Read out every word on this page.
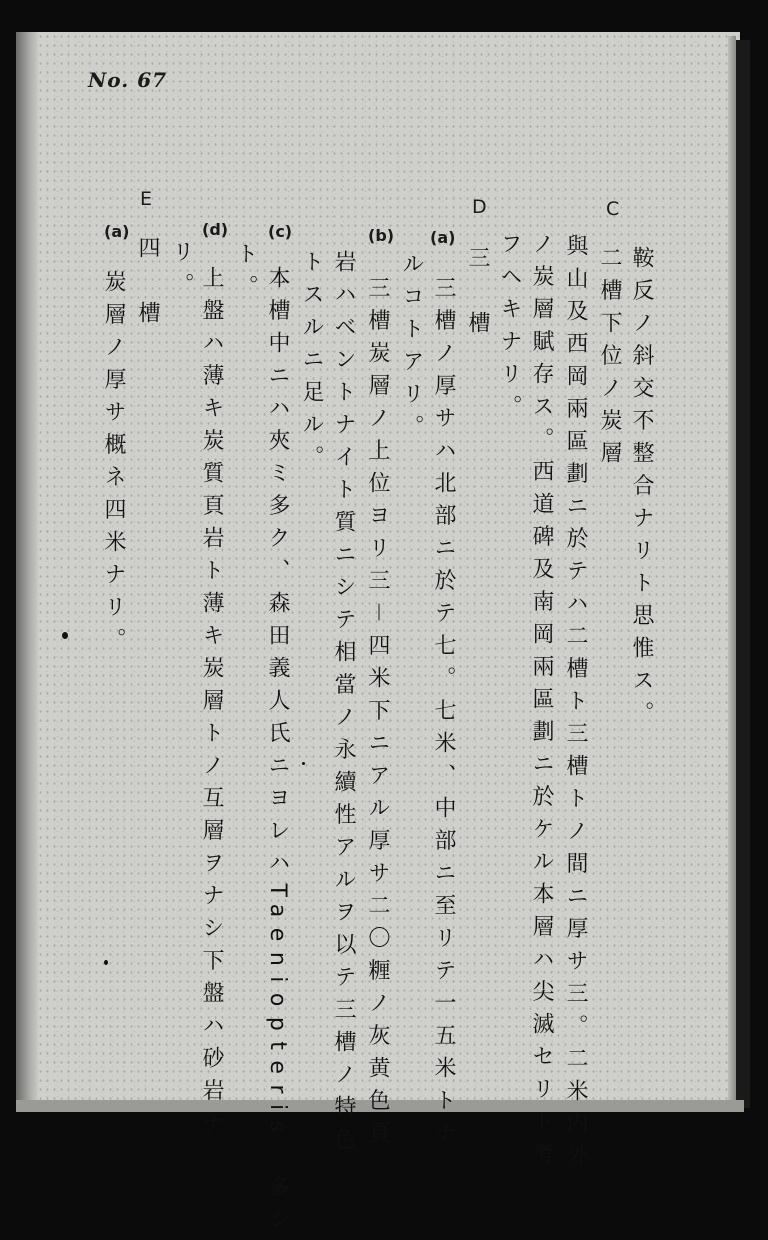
No. 67
C
D
E
(a)
(b)
(c)
(d)
(a)
鞍反ノ斜交不整合ナリト思惟ス。
二槽下位ノ炭層
與山及西岡兩區劃ニ於テハ二槽ト三槽トノ間ニ厚サ三。二米内外
ノ炭層賦存ス。西道碑及南岡兩區劃ニ於ケル本層ハ尖滅セリト考
フヘキナリ。
三　槽
三槽ノ厚サハ北部ニ於テ七。七米、中部ニ至リテ一五米トナ
ルコトアリ。
三槽炭層ノ上位ヨリ三－四米下ニアル厚サ二〇糎ノ灰黄色頁
岩ハベントナイト質ニシテ相當ノ永續性アルヲ以テ三槽ノ特色
トスルニ足ル。
本槽中ニハ夾ミ多ク、森田義人氏ニヨレハTaeniopteris　多シ
ト。
上盤ハ薄キ炭質頁岩ト薄キ炭層トノ互層ヲナシ下盤ハ砂岩ナ
リ。
四　槽
炭層ノ厚サ概ネ四米ナリ。
